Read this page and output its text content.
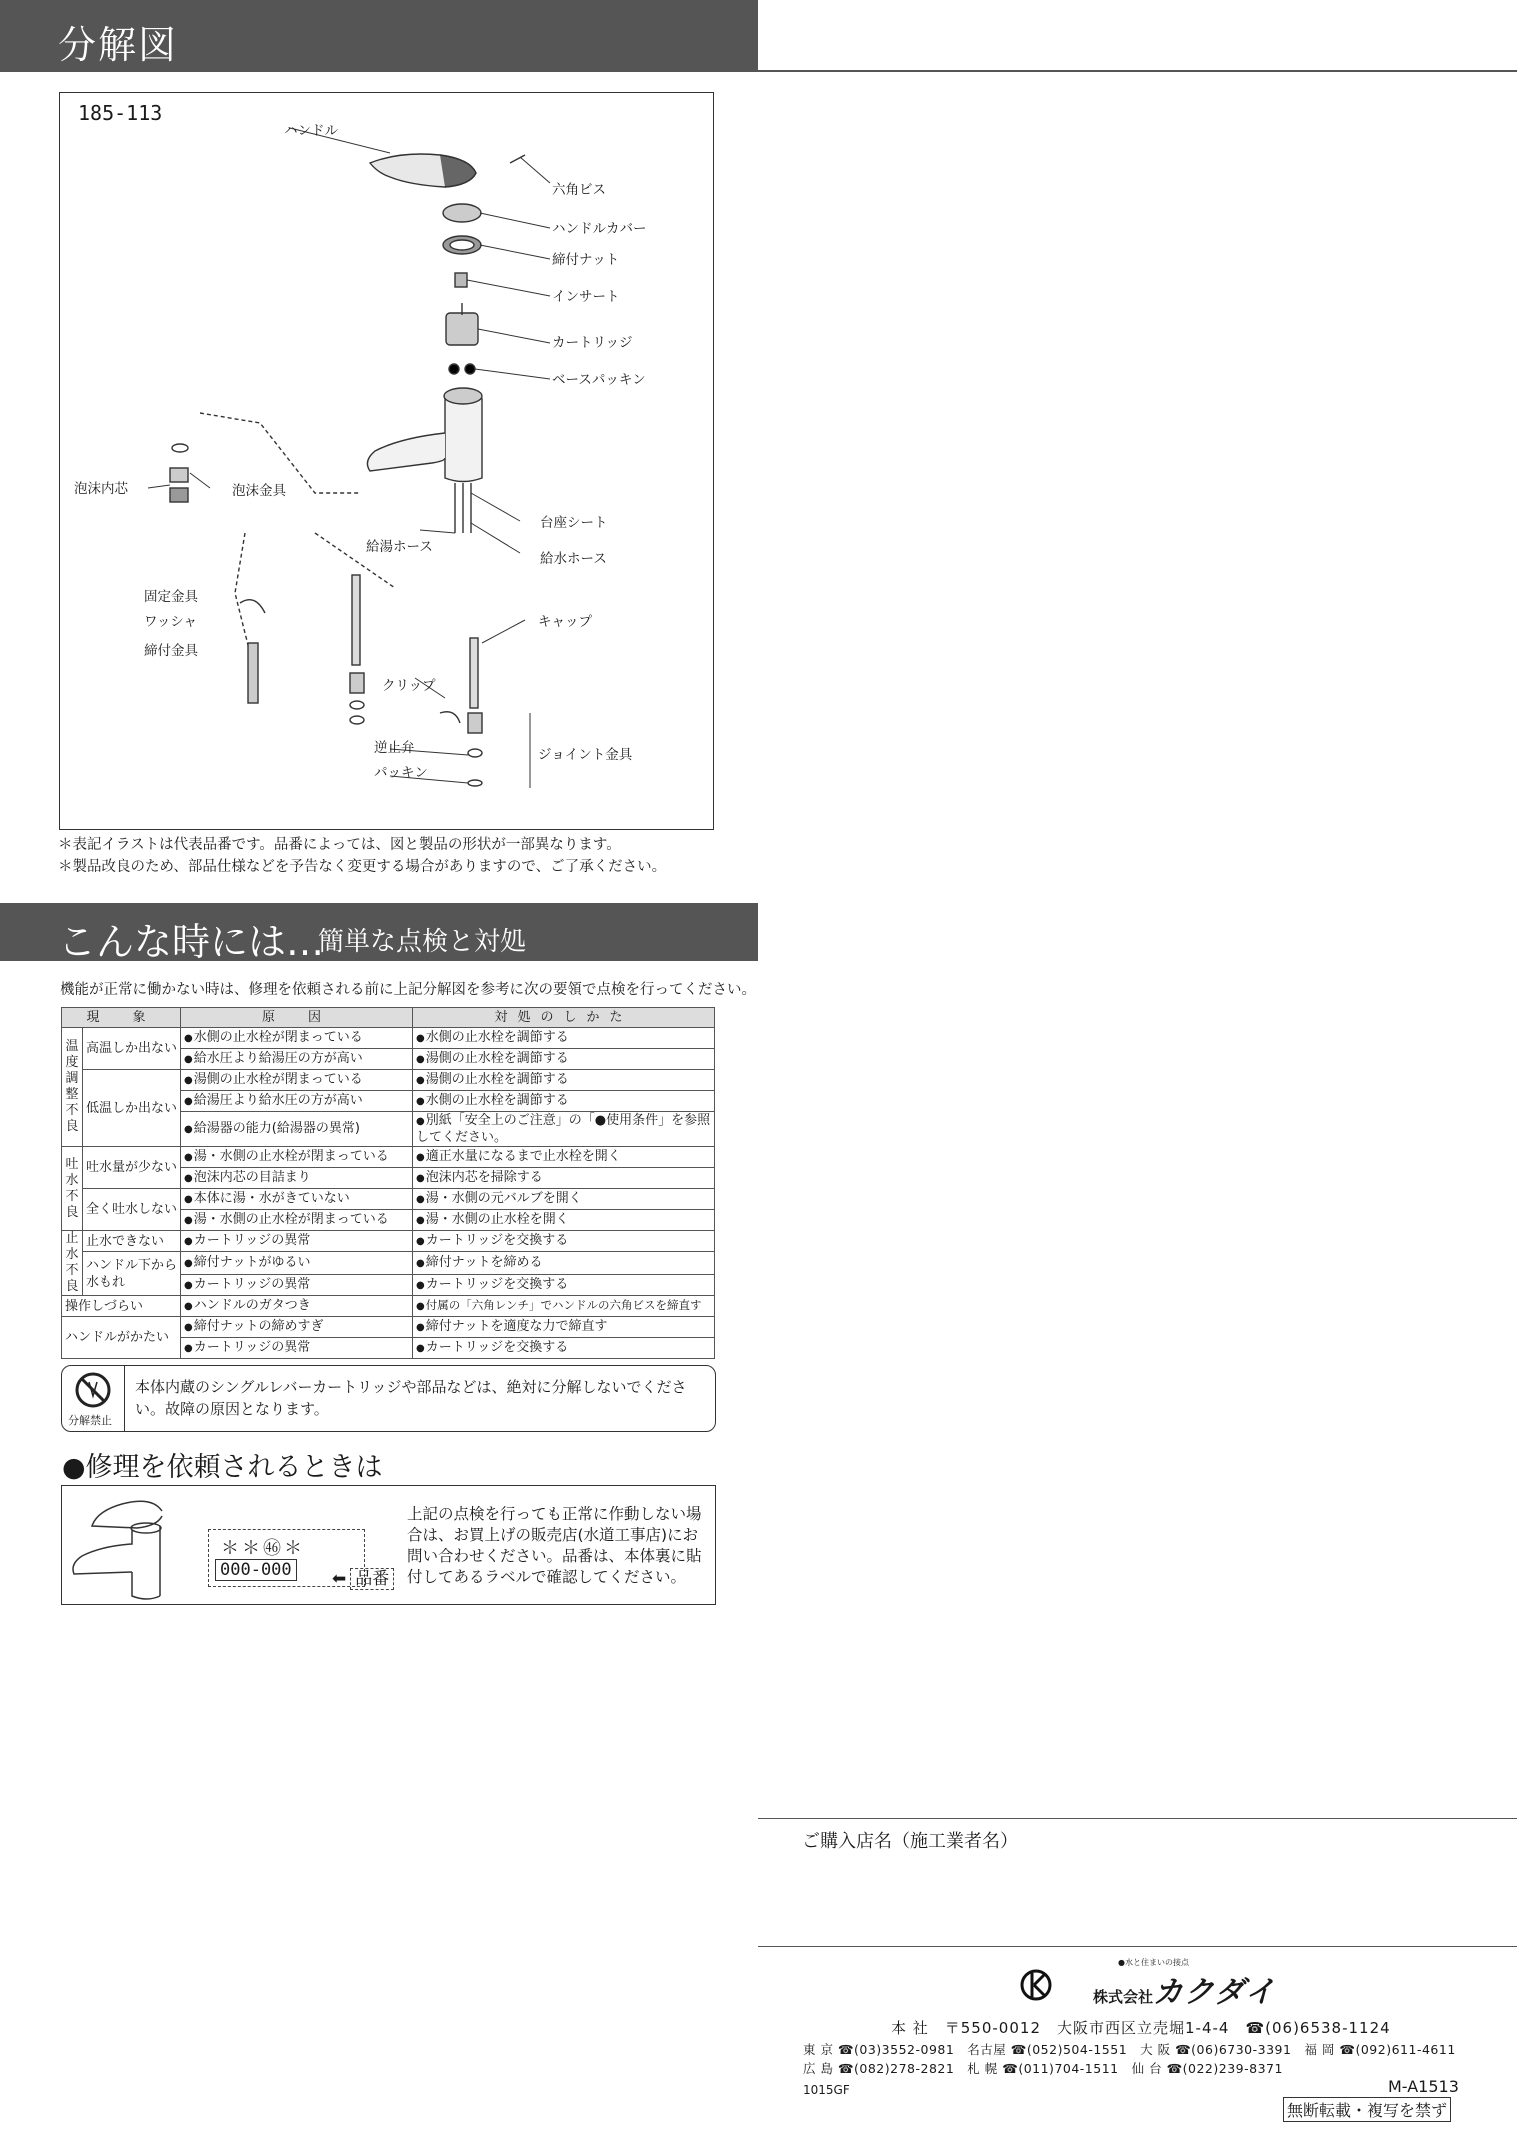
分解図
185-113
ハンドル
六角ビス
ハンドルカバー
締付ナット
インサート
カートリッジ
ベースパッキン
泡沫内芯	泡沫金具
台座シート
給湯ホース
給水ホース
固定金具
ワッシャ
締付金具
キャップ
クリップ
逆止弁
パッキン
ジョイント金具
＊表記イラストは代表品番です。品番によっては、図と製品の形状が一部異なります。
＊製品改良のため、部品仕様などを予告なく変更する場合がありますので、ご了承ください。
こんな時には…
簡単な点検と対処
機能が正常に働かない時は、修理を依頼される前に上記分解図を参考に次の要領で点検を行ってください。
現　象		原　因	対処のしかた
温度調整不良	高温しか出ない	● 水側の止水栓が閉まっている	● 水側の止水栓を調節する
		● 給水圧より給湯圧の方が高い	● 湯側の止水栓を調節する
	低温しか出ない	● 湯側の止水栓が閉まっている	● 湯側の止水栓を調節する
		● 給湯圧より給水圧の方が高い	● 水側の止水栓を調節する
		● 給湯器の能力(給湯器の異常)	● 別紙「安全上のご注意」の「●使用条件」を参照してください。
吐水不良	吐水量が少ない	● 湯・水側の止水栓が閉まっている	● 適正水量になるまで止水栓を開く
		● 泡沫内芯の目詰まり	● 泡沫内芯を掃除する
	全く吐水しない	● 本体に湯・水がきていない	● 湯・水側の元バルブを開く
		● 湯・水側の止水栓が閉まっている	● 湯・水側の止水栓を開く
止水不良	止水できない	● カートリッジの異常	● カートリッジを交換する
	ハンドル下から水もれ	● 締付ナットがゆるい	● 締付ナットを締める
		● カートリッジの異常	● カートリッジを交換する
操作しづらい		● ハンドルのガタつき	● 付属の「六角レンチ」でハンドルの六角ビスを締直す
ハンドルがかたい		● 締付ナットの締めすぎ	● 締付ナットを適度な力で締直す
		● カートリッジの異常	● カートリッジを交換する
分解禁止
本体内蔵のシングルレバーカートリッジや部品などは、絶対に分解しないでください。故障の原因となります。
●修理を依頼されるときは
＊＊㊻＊
000-000 ⬅ 品番
上記の点検を行っても正常に作動しない場合は、お買上げの販売店(水道工事店)にお問い合わせください。品番は、本体裏に貼付してあるラベルで確認してください。
ご購入店名（施工業者名）
●水と住まいの接点
株式会社カクダイ
本 社　〒550-0012　大阪市西区立売堀1-4-4　☎(06)6538-1124
東 京 ☎(03)3552-0981　名古屋 ☎(052)504-1551　大 阪 ☎(06)6730-3391　福 岡 ☎(092)611-4611
広 島 ☎(082)278-2821　札 幌 ☎(011)704-1511　仙 台 ☎(022)239-8371
M-A1513
1015GF
無断転載・複写を禁ず
